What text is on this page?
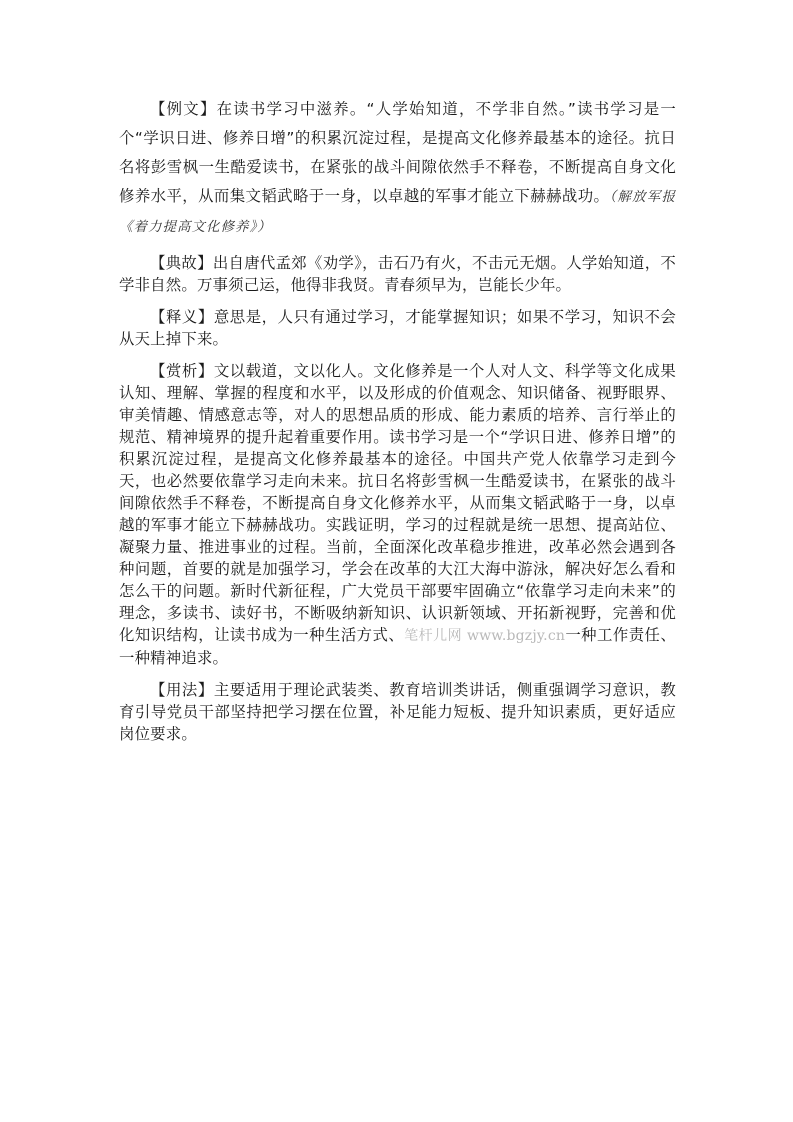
【例文】在读书学习中滋养。“人学始知道，不学非自然。”读书学习是一个“学识日进、修养日增”的积累沉淀过程，是提高文化修养最基本的途径。抗日名将彭雪枫一生酷爱读书，在紧张的战斗间隙依然手不释卷，不断提高自身文化修养水平，从而集文韬武略于一身，以卓越的军事才能立下赫赫战功。（解放军报《着力提高文化修养》）

【典故】出自唐代孟郊《劝学》，击石乃有火，不击元无烟。人学始知道，不学非自然。万事须己运，他得非我贤。青春须早为，岂能长少年。

【释义】意思是，人只有通过学习，才能掌握知识；如果不学习，知识不会从天上掉下来。

【赏析】文以载道，文以化人。文化修养是一个人对人文、科学等文化成果认知、理解、掌握的程度和水平，以及形成的价值观念、知识储备、视野眼界、审美情趣、情感意志等，对人的思想品质的形成、能力素质的培养、言行举止的规范、精神境界的提升起着重要作用。读书学习是一个“学识日进、修养日增”的积累沉淀过程，是提高文化修养最基本的途径。中国共产党人依靠学习走到今天，也必然要依靠学习走向未来。抗日名将彭雪枫一生酷爱读书，在紧张的战斗间隙依然手不释卷，不断提高自身文化修养水平，从而集文韬武略于一身，以卓越的军事才能立下赫赫战功。实践证明，学习的过程就是统一思想、提高站位、凝聚力量、推进事业的过程。当前，全面深化改革稳步推进，改革必然会遇到各种问题，首要的就是加强学习，学会在改革的大江大海中游泳，解决好怎么看和怎么干的问题。新时代新征程，广大党员干部要牢固确立“依靠学习走向未来”的理念，多读书、读好书，不断吸纳新知识、认识新领域、开拓新视野，完善和优化知识结构，让读书成为一种生活方式、笔杆儿网 www.bgzjy.cn一种工作责任、一种精神追求。

【用法】主要适用于理论武装类、教育培训类讲话，侧重强调学习意识，教育引导党员干部坚持把学习摆在位置，补足能力短板、提升知识素质，更好适应岗位要求。
